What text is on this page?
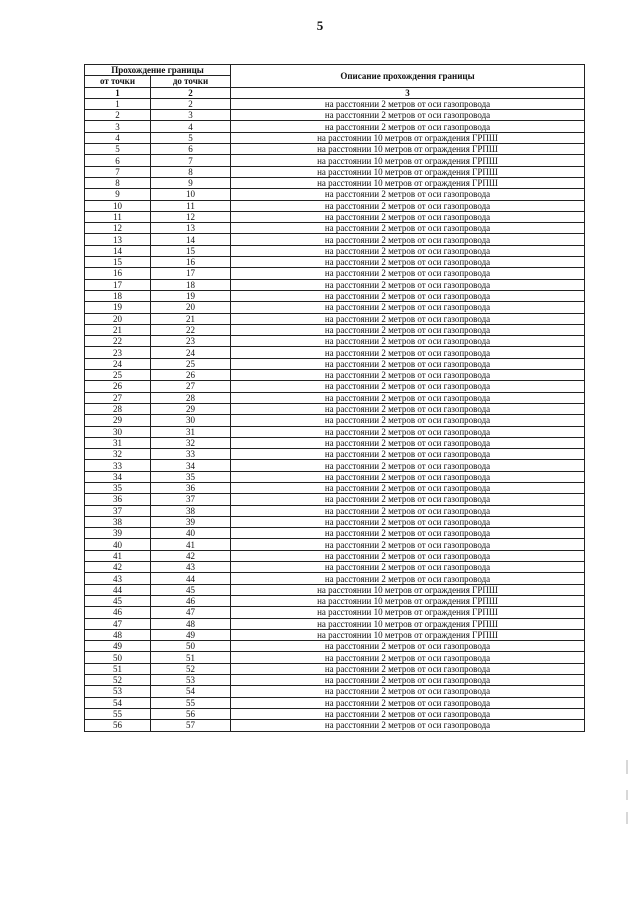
5
Прохождение границы		Описание прохождения границы
от точки	до точки	
1	2	3
1	2	на расстоянии 2 метров от оси газопровода
2	3	на расстоянии 2 метров от оси газопровода
3	4	на расстоянии 2 метров от оси газопровода
4	5	на расстоянии 10 метров от ограждения ГРПШ
5	6	на расстоянии 10 метров от ограждения ГРПШ
6	7	на расстоянии 10 метров от ограждения ГРПШ
7	8	на расстоянии 10 метров от ограждения ГРПШ
8	9	на расстоянии 10 метров от ограждения ГРПШ
9	10	на расстоянии 2 метров от оси газопровода
10	11	на расстоянии 2 метров от оси газопровода
11	12	на расстоянии 2 метров от оси газопровода
12	13	на расстоянии 2 метров от оси газопровода
13	14	на расстоянии 2 метров от оси газопровода
14	15	на расстоянии 2 метров от оси газопровода
15	16	на расстоянии 2 метров от оси газопровода
16	17	на расстоянии 2 метров от оси газопровода
17	18	на расстоянии 2 метров от оси газопровода
18	19	на расстоянии 2 метров от оси газопровода
19	20	на расстоянии 2 метров от оси газопровода
20	21	на расстоянии 2 метров от оси газопровода
21	22	на расстоянии 2 метров от оси газопровода
22	23	на расстоянии 2 метров от оси газопровода
23	24	на расстоянии 2 метров от оси газопровода
24	25	на расстоянии 2 метров от оси газопровода
25	26	на расстоянии 2 метров от оси газопровода
26	27	на расстоянии 2 метров от оси газопровода
27	28	на расстоянии 2 метров от оси газопровода
28	29	на расстоянии 2 метров от оси газопровода
29	30	на расстоянии 2 метров от оси газопровода
30	31	на расстоянии 2 метров от оси газопровода
31	32	на расстоянии 2 метров от оси газопровода
32	33	на расстоянии 2 метров от оси газопровода
33	34	на расстоянии 2 метров от оси газопровода
34	35	на расстоянии 2 метров от оси газопровода
35	36	на расстоянии 2 метров от оси газопровода
36	37	на расстоянии 2 метров от оси газопровода
37	38	на расстоянии 2 метров от оси газопровода
38	39	на расстоянии 2 метров от оси газопровода
39	40	на расстоянии 2 метров от оси газопровода
40	41	на расстоянии 2 метров от оси газопровода
41	42	на расстоянии 2 метров от оси газопровода
42	43	на расстоянии 2 метров от оси газопровода
43	44	на расстоянии 2 метров от оси газопровода
44	45	на расстоянии 10 метров от ограждения ГРПШ
45	46	на расстоянии 10 метров от ограждения ГРПШ
46	47	на расстоянии 10 метров от ограждения ГРПШ
47	48	на расстоянии 10 метров от ограждения ГРПШ
48	49	на расстоянии 10 метров от ограждения ГРПШ
49	50	на расстоянии 2 метров от оси газопровода
50	51	на расстоянии 2 метров от оси газопровода
51	52	на расстоянии 2 метров от оси газопровода
52	53	на расстоянии 2 метров от оси газопровода
53	54	на расстоянии 2 метров от оси газопровода
54	55	на расстоянии 2 метров от оси газопровода
55	56	на расстоянии 2 метров от оси газопровода
56	57	на расстоянии 2 метров от оси газопровода
